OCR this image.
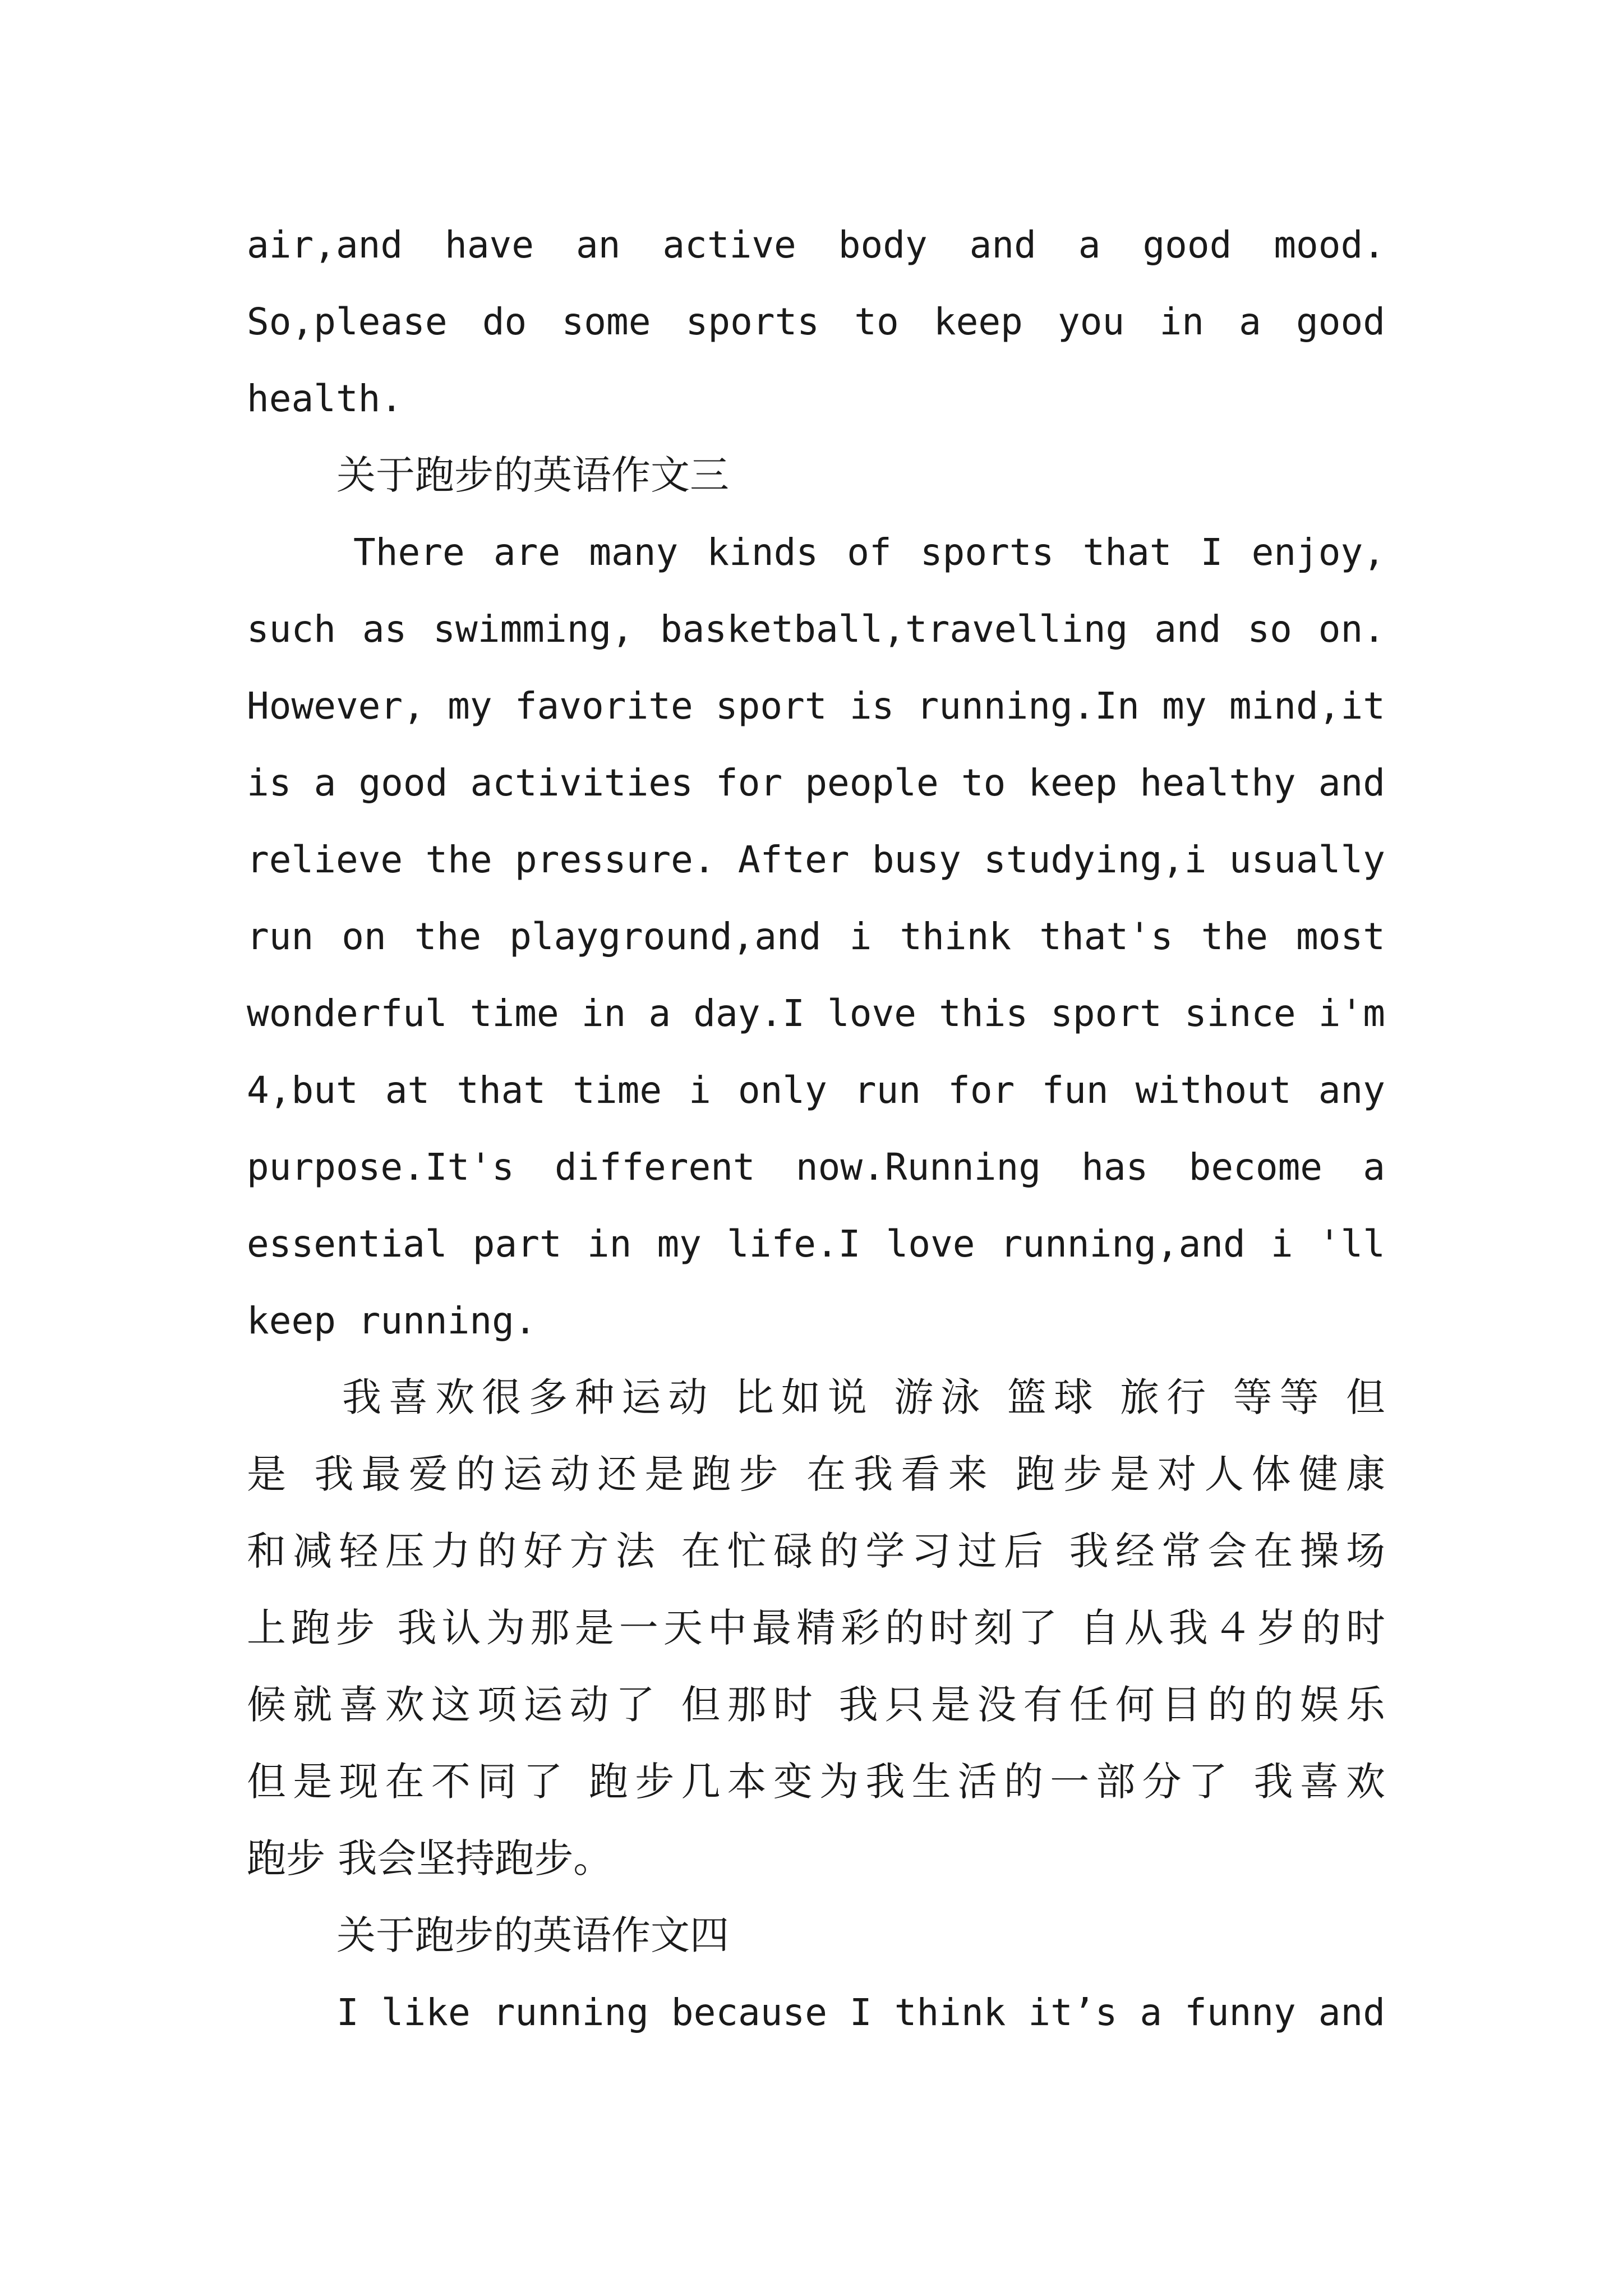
air,and have an active body and a good mood.
So,please do some sports to keep you in a good
health.
关于跑步的英语作文三
There are many kinds of sports that I enjoy,
such as swimming, basketball,travelling and so on.
However, my favorite sport is running.In my mind,it
is a good activities for people to keep healthy and
relieve the pressure. After busy studying,i usually
run on the playground,and i think that's the most
wonderful time in a day.I love this sport since i'm
4,but at that time i only run for fun without any
purpose.It's different now.Running has become a
essential part in my life.I love running,and i 'll
keep running.
我喜欢很多种运动 比如说 游泳 篮球 旅行 等等 但
是 我最爱的运动还是跑步 在我看来 跑步是对人体健康
和减轻压力的好方法 在忙碌的学习过后 我经常会在操场
上跑步 我认为那是一天中最精彩的时刻了 自从我４岁的时
候就喜欢这项运动了 但那时 我只是没有任何目的的娱乐
但是现在不同了 跑步几本变为我生活的一部分了 我喜欢
跑步 我会坚持跑步。
关于跑步的英语作文四
I like running because I think it’s a funny and
